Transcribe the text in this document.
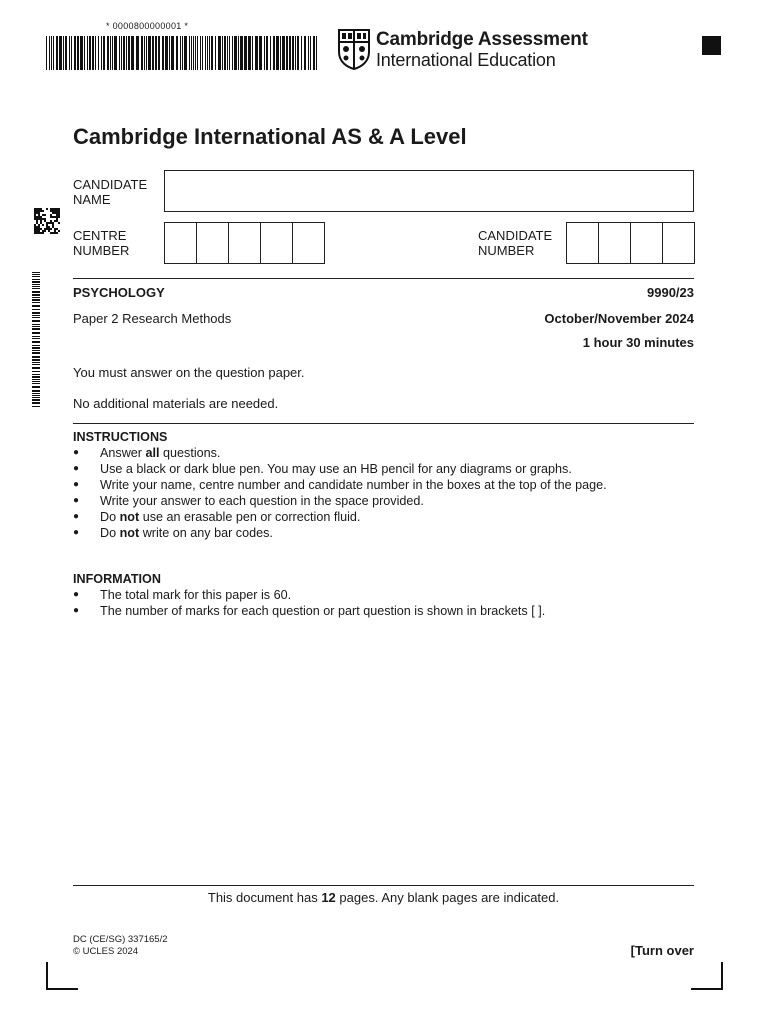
* 0000800000001 *
Cambridge Assessment
International Education
Cambridge International AS & A Level
CANDIDATE
NAME
CENTRE
NUMBER
CANDIDATE
NUMBER
PSYCHOLOGY	9990/23
Paper 2 Research Methods	October/November 2024
1 hour 30 minutes
You must answer on the question paper.
No additional materials are needed.
INSTRUCTIONS
● Answer all questions.
● Use a black or dark blue pen. You may use an HB pencil for any diagrams or graphs.
● Write your name, centre number and candidate number in the boxes at the top of the page.
● Write your answer to each question in the space provided.
● Do not use an erasable pen or correction fluid.
● Do not write on any bar codes.
INFORMATION
● The total mark for this paper is 60.
● The number of marks for each question or part question is shown in brackets [ ].
This document has 12 pages. Any blank pages are indicated.
DC (CE/SG) 337165/2
© UCLES 2024	[Turn over
